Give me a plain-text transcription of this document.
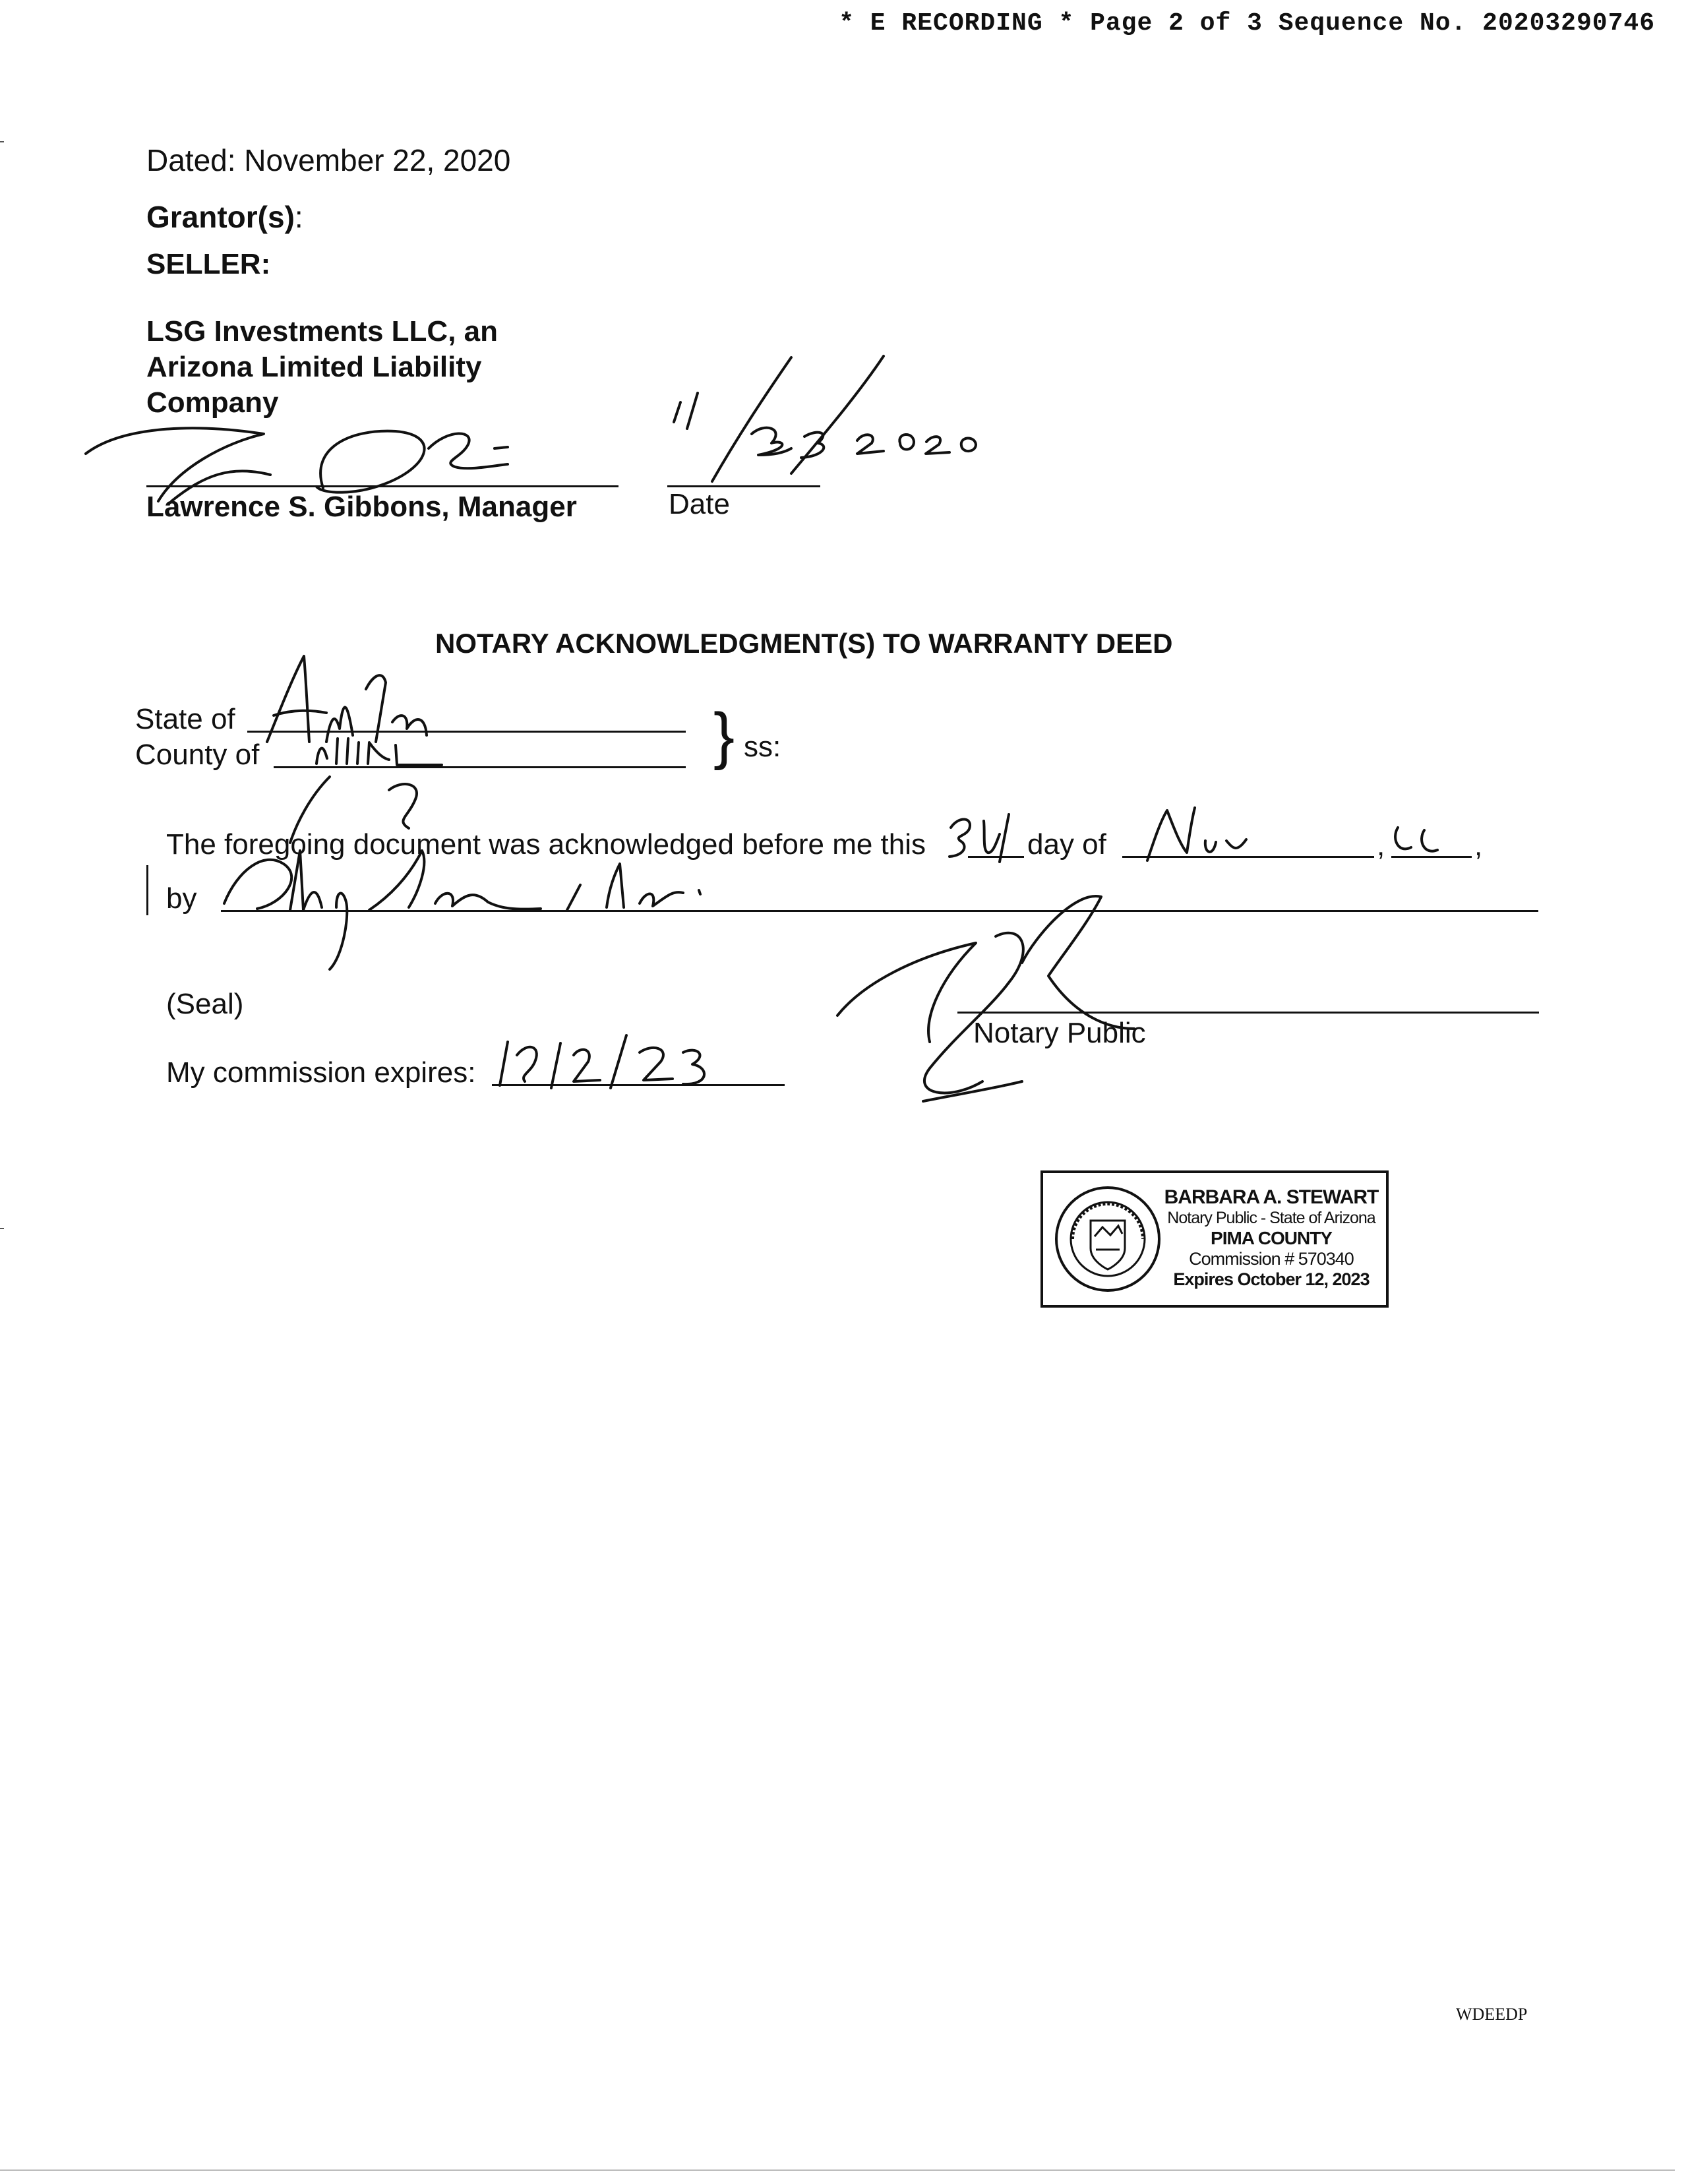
* E RECORDING * Page 2 of 3 Sequence No. 20203290746
Dated: November 22, 2020
Grantor(s):
SELLER:
LSG Investments LLC, an
Arizona Limited Liability
Company
Lawrence S. Gibbons, Manager	Date
NOTARY ACKNOWLEDGMENT(S) TO WARRANTY DEED
State of
County of	} ss:
The foregoing document was acknowledged before me this	day of	,	,
by
(Seal)
My commission expires:
Notary Public
BARBARA A. STEWART
Notary Public - State of Arizona
PIMA COUNTY
Commission # 570340
Expires October 12, 2023
WDEEDP
